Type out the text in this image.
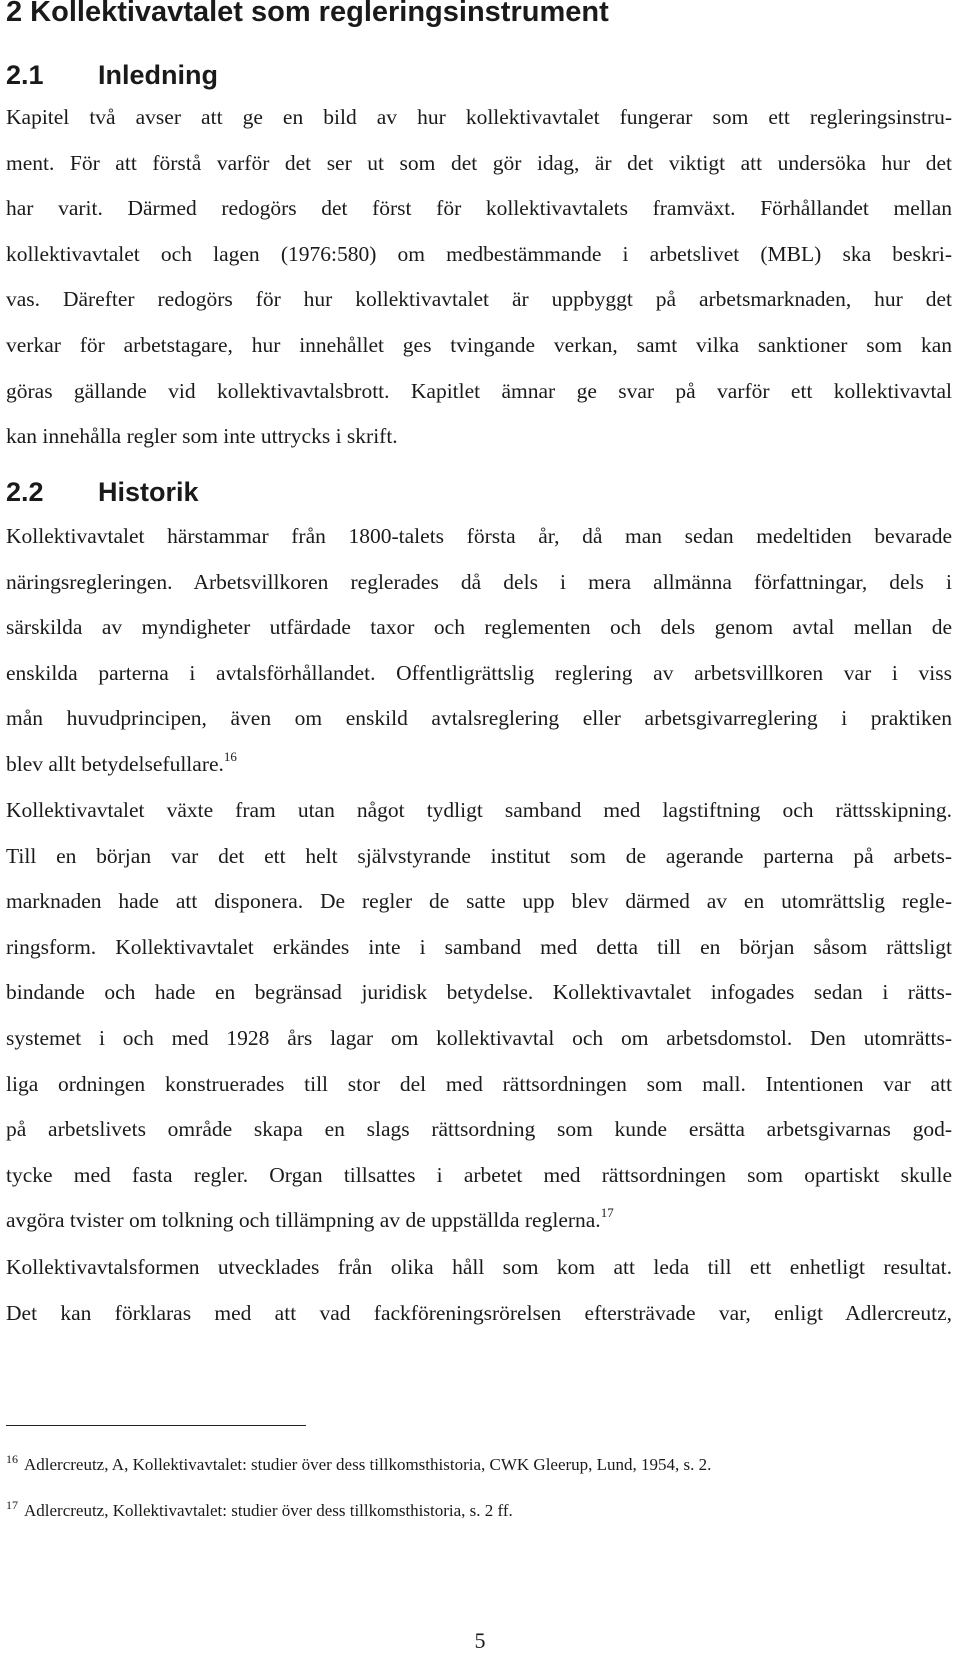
2 Kollektivavtalet som regleringsinstrument
2.1 Inledning
Kapitel två avser att ge en bild av hur kollektivavtalet fungerar som ett regleringsinstru-
ment. För att förstå varför det ser ut som det gör idag, är det viktigt att undersöka hur det
har varit. Därmed redogörs det först för kollektivavtalets framväxt. Förhållandet mellan
kollektivavtalet och lagen (1976:580) om medbestämmande i arbetslivet (MBL) ska beskri-
vas. Därefter redogörs för hur kollektivavtalet är uppbyggt på arbetsmarknaden, hur det
verkar för arbetstagare, hur innehållet ges tvingande verkan, samt vilka sanktioner som kan
göras gällande vid kollektivavtalsbrott. Kapitlet ämnar ge svar på varför ett kollektivavtal
kan innehålla regler som inte uttrycks i skrift.
2.2 Historik
Kollektivavtalet härstammar från 1800-talets första år, då man sedan medeltiden bevarade
näringsregleringen. Arbetsvillkoren reglerades då dels i mera allmänna författningar, dels i
särskilda av myndigheter utfärdade taxor och reglementen och dels genom avtal mellan de
enskilda parterna i avtalsförhållandet. Offentligrättslig reglering av arbetsvillkoren var i viss
mån huvudprincipen, även om enskild avtalsreglering eller arbetsgivarreglering i praktiken
blev allt betydelsefullare.$^{16}$
Kollektivavtalet växte fram utan något tydligt samband med lagstiftning och rättsskipning.
Till en början var det ett helt självstyrande institut som de agerande parterna på arbets-
marknaden hade att disponera. De regler de satte upp blev därmed av en utomrättslig regle-
ringsform. Kollektivavtalet erkändes inte i samband med detta till en början såsom rättsligt
bindande och hade en begränsad juridisk betydelse. Kollektivavtalet infogades sedan i rätts-
systemet i och med 1928 års lagar om kollektivavtal och om arbetsdomstol. Den utomrätts-
liga ordningen konstruerades till stor del med rättsordningen som mall. Intentionen var att
på arbetslivets område skapa en slags rättsordning som kunde ersätta arbetsgivarnas god-
tycke med fasta regler. Organ tillsattes i arbetet med rättsordningen som opartiskt skulle
avgöra tvister om tolkning och tillämpning av de uppställda reglerna.$^{17}$
Kollektivavtalsformen utvecklades från olika håll som kom att leda till ett enhetligt resultat.
Det kan förklaras med att vad fackföreningsrörelsen eftersträvade var, enligt Adlercreutz,

$^{16}$ Adlercreutz, A, Kollektivavtalet: studier över dess tillkomsthistoria, CWK Gleerup, Lund, 1954, s. 2.

$^{17}$ Adlercreutz, Kollektivavtalet: studier över dess tillkomsthistoria, s. 2 ff.

5
